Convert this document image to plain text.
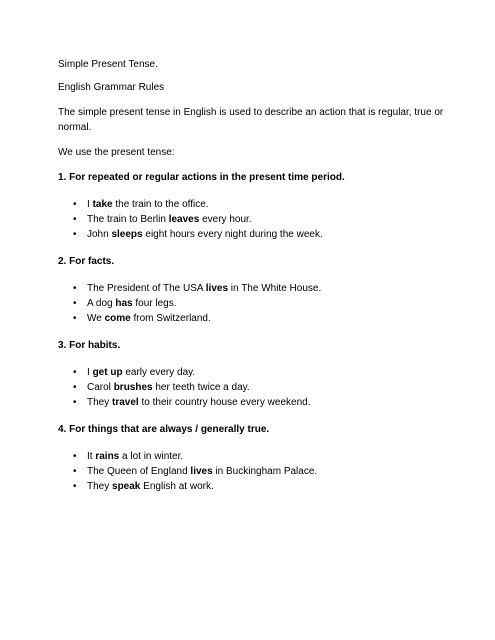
Simple Present Tense.

English Grammar Rules

The simple present tense in English is used to describe an action that is regular, true or normal.

We use the present tense:

1. For repeated or regular actions in the present time period.

• I take the train to the office.
• The train to Berlin leaves every hour.
• John sleeps eight hours every night during the week.

2. For facts.

• The President of The USA lives in The White House.
• A dog has four legs.
• We come from Switzerland.

3. For habits.

• I get up early every day.
• Carol brushes her teeth twice a day.
• They travel to their country house every weekend.

4. For things that are always / generally true.

• It rains a lot in winter.
• The Queen of England lives in Buckingham Palace.
• They speak English at work.
